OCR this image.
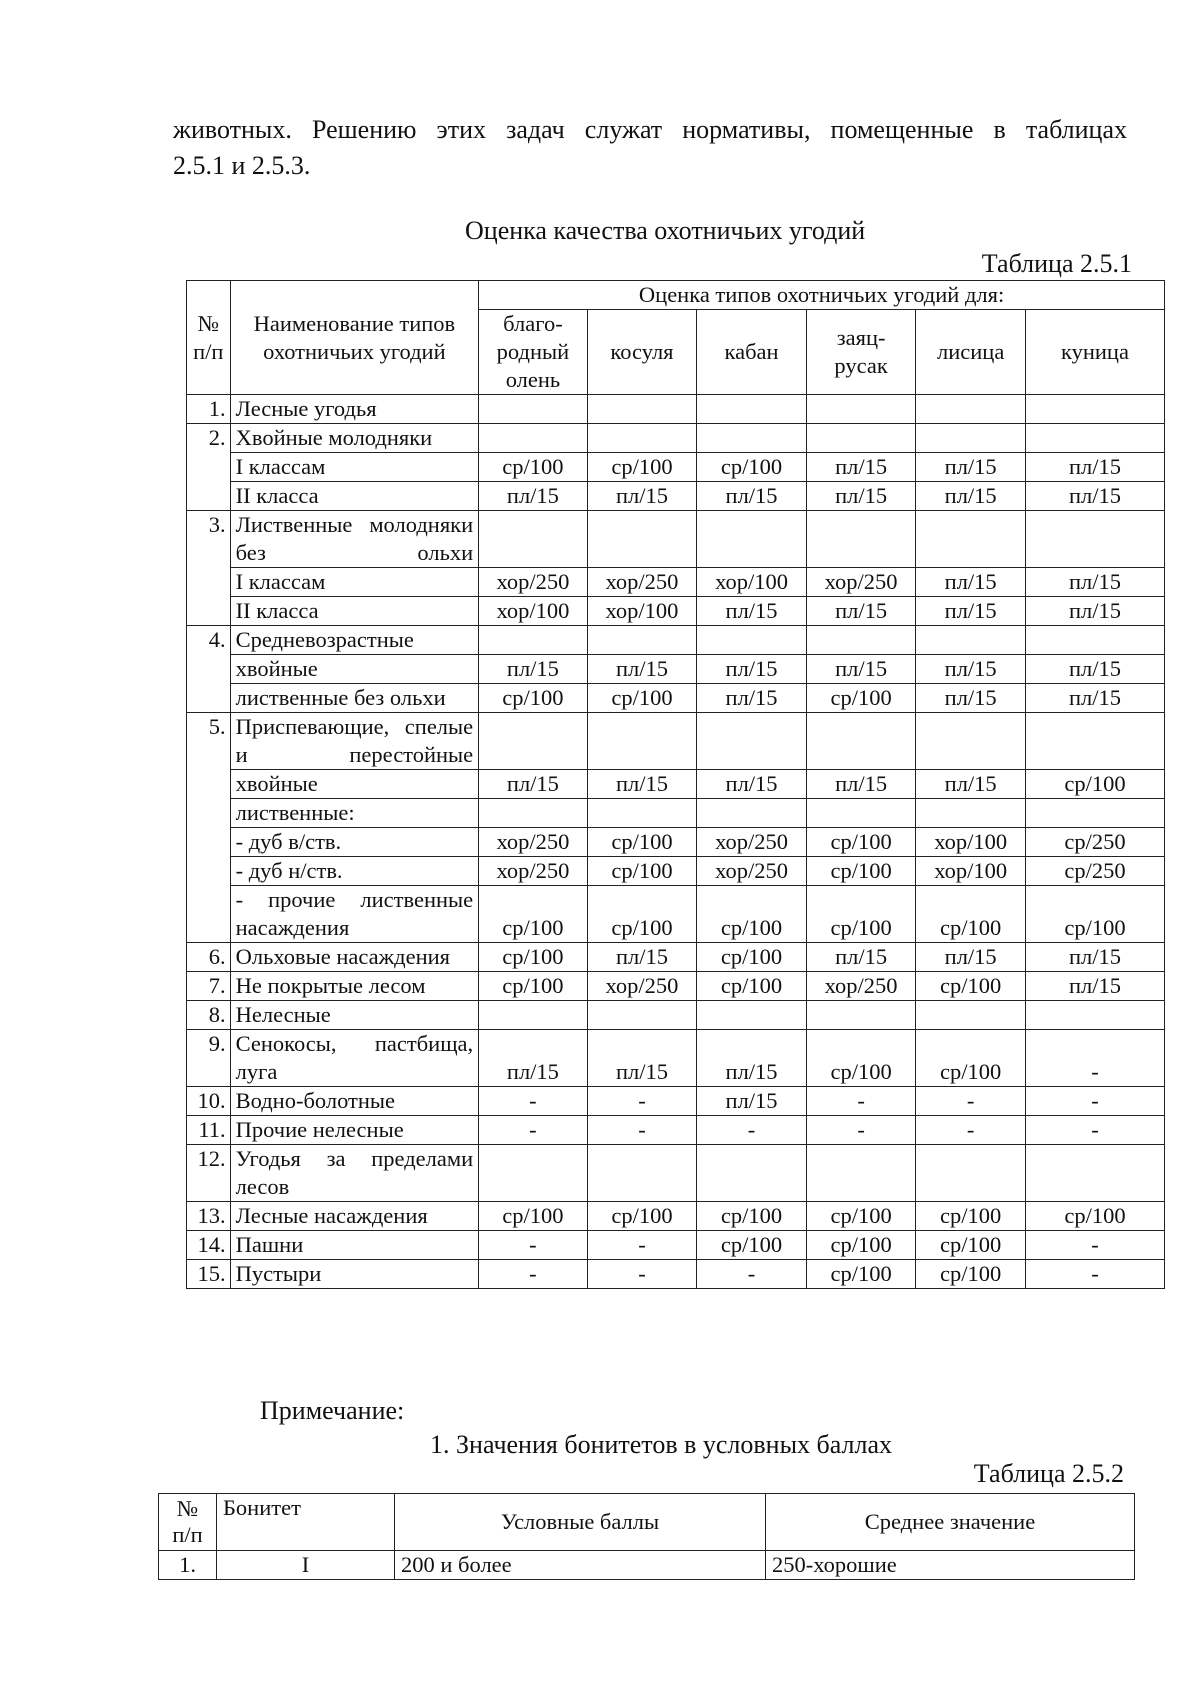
животных. Решению этих задач служат нормативы, помещенные в таблицах
2.5.1 и 2.5.3.

Оценка качества охотничьих угодий
Таблица 2.5.1
№ п/п	Наименование типов охотничьих угодий	Оценка типов охотничьих угодий для:					
		благо-родный олень	косуля	кабан	заяц-русак	лисица	куница
1.	Лесные угодья						
2.	Хвойные молодняки						
	I классам	ср/100	ср/100	ср/100	пл/15	пл/15	пл/15
	II класса	пл/15	пл/15	пл/15	пл/15	пл/15	пл/15
3.	Лиственные молодняки без ольхи						
	I классам	хор/250	хор/250	хор/100	хор/250	пл/15	пл/15
	II класса	хор/100	хор/100	пл/15	пл/15	пл/15	пл/15
4.	Средневозрастные						
	хвойные	пл/15	пл/15	пл/15	пл/15	пл/15	пл/15
	лиственные без ольхи	ср/100	ср/100	пл/15	ср/100	пл/15	пл/15
5.	Приспевающие, спелые и перестойные						
	хвойные	пл/15	пл/15	пл/15	пл/15	пл/15	ср/100
	лиственные:						
	- дуб в/ств.	хор/250	ср/100	хор/250	ср/100	хор/100	ср/250
	- дуб н/ств.	хор/250	ср/100	хор/250	ср/100	хор/100	ср/250
	- прочие лиственные насаждения	ср/100	ср/100	ср/100	ср/100	ср/100	ср/100
6.	Ольховые насаждения	ср/100	пл/15	ср/100	пл/15	пл/15	пл/15
7.	Не покрытые лесом	ср/100	хор/250	ср/100	хор/250	ср/100	пл/15
8.	Нелесные						
9.	Сенокосы, пастбища, луга	пл/15	пл/15	пл/15	ср/100	ср/100	-
10.	Водно-болотные	-	-	пл/15	-	-	-
11.	Прочие нелесные	-	-	-	-	-	-
12.	Угодья за пределами лесов						
13.	Лесные насаждения	ср/100	ср/100	ср/100	ср/100	ср/100	ср/100
14.	Пашни	-	-	ср/100	ср/100	ср/100	-
15.	Пустыри	-	-	-	ср/100	ср/100	-
Примечание:
1. Значения бонитетов в условных баллах
Таблица 2.5.2
№ п/п	Бонитет	Условные баллы	Среднее значение
1.	I	200 и более	250-хорошие
